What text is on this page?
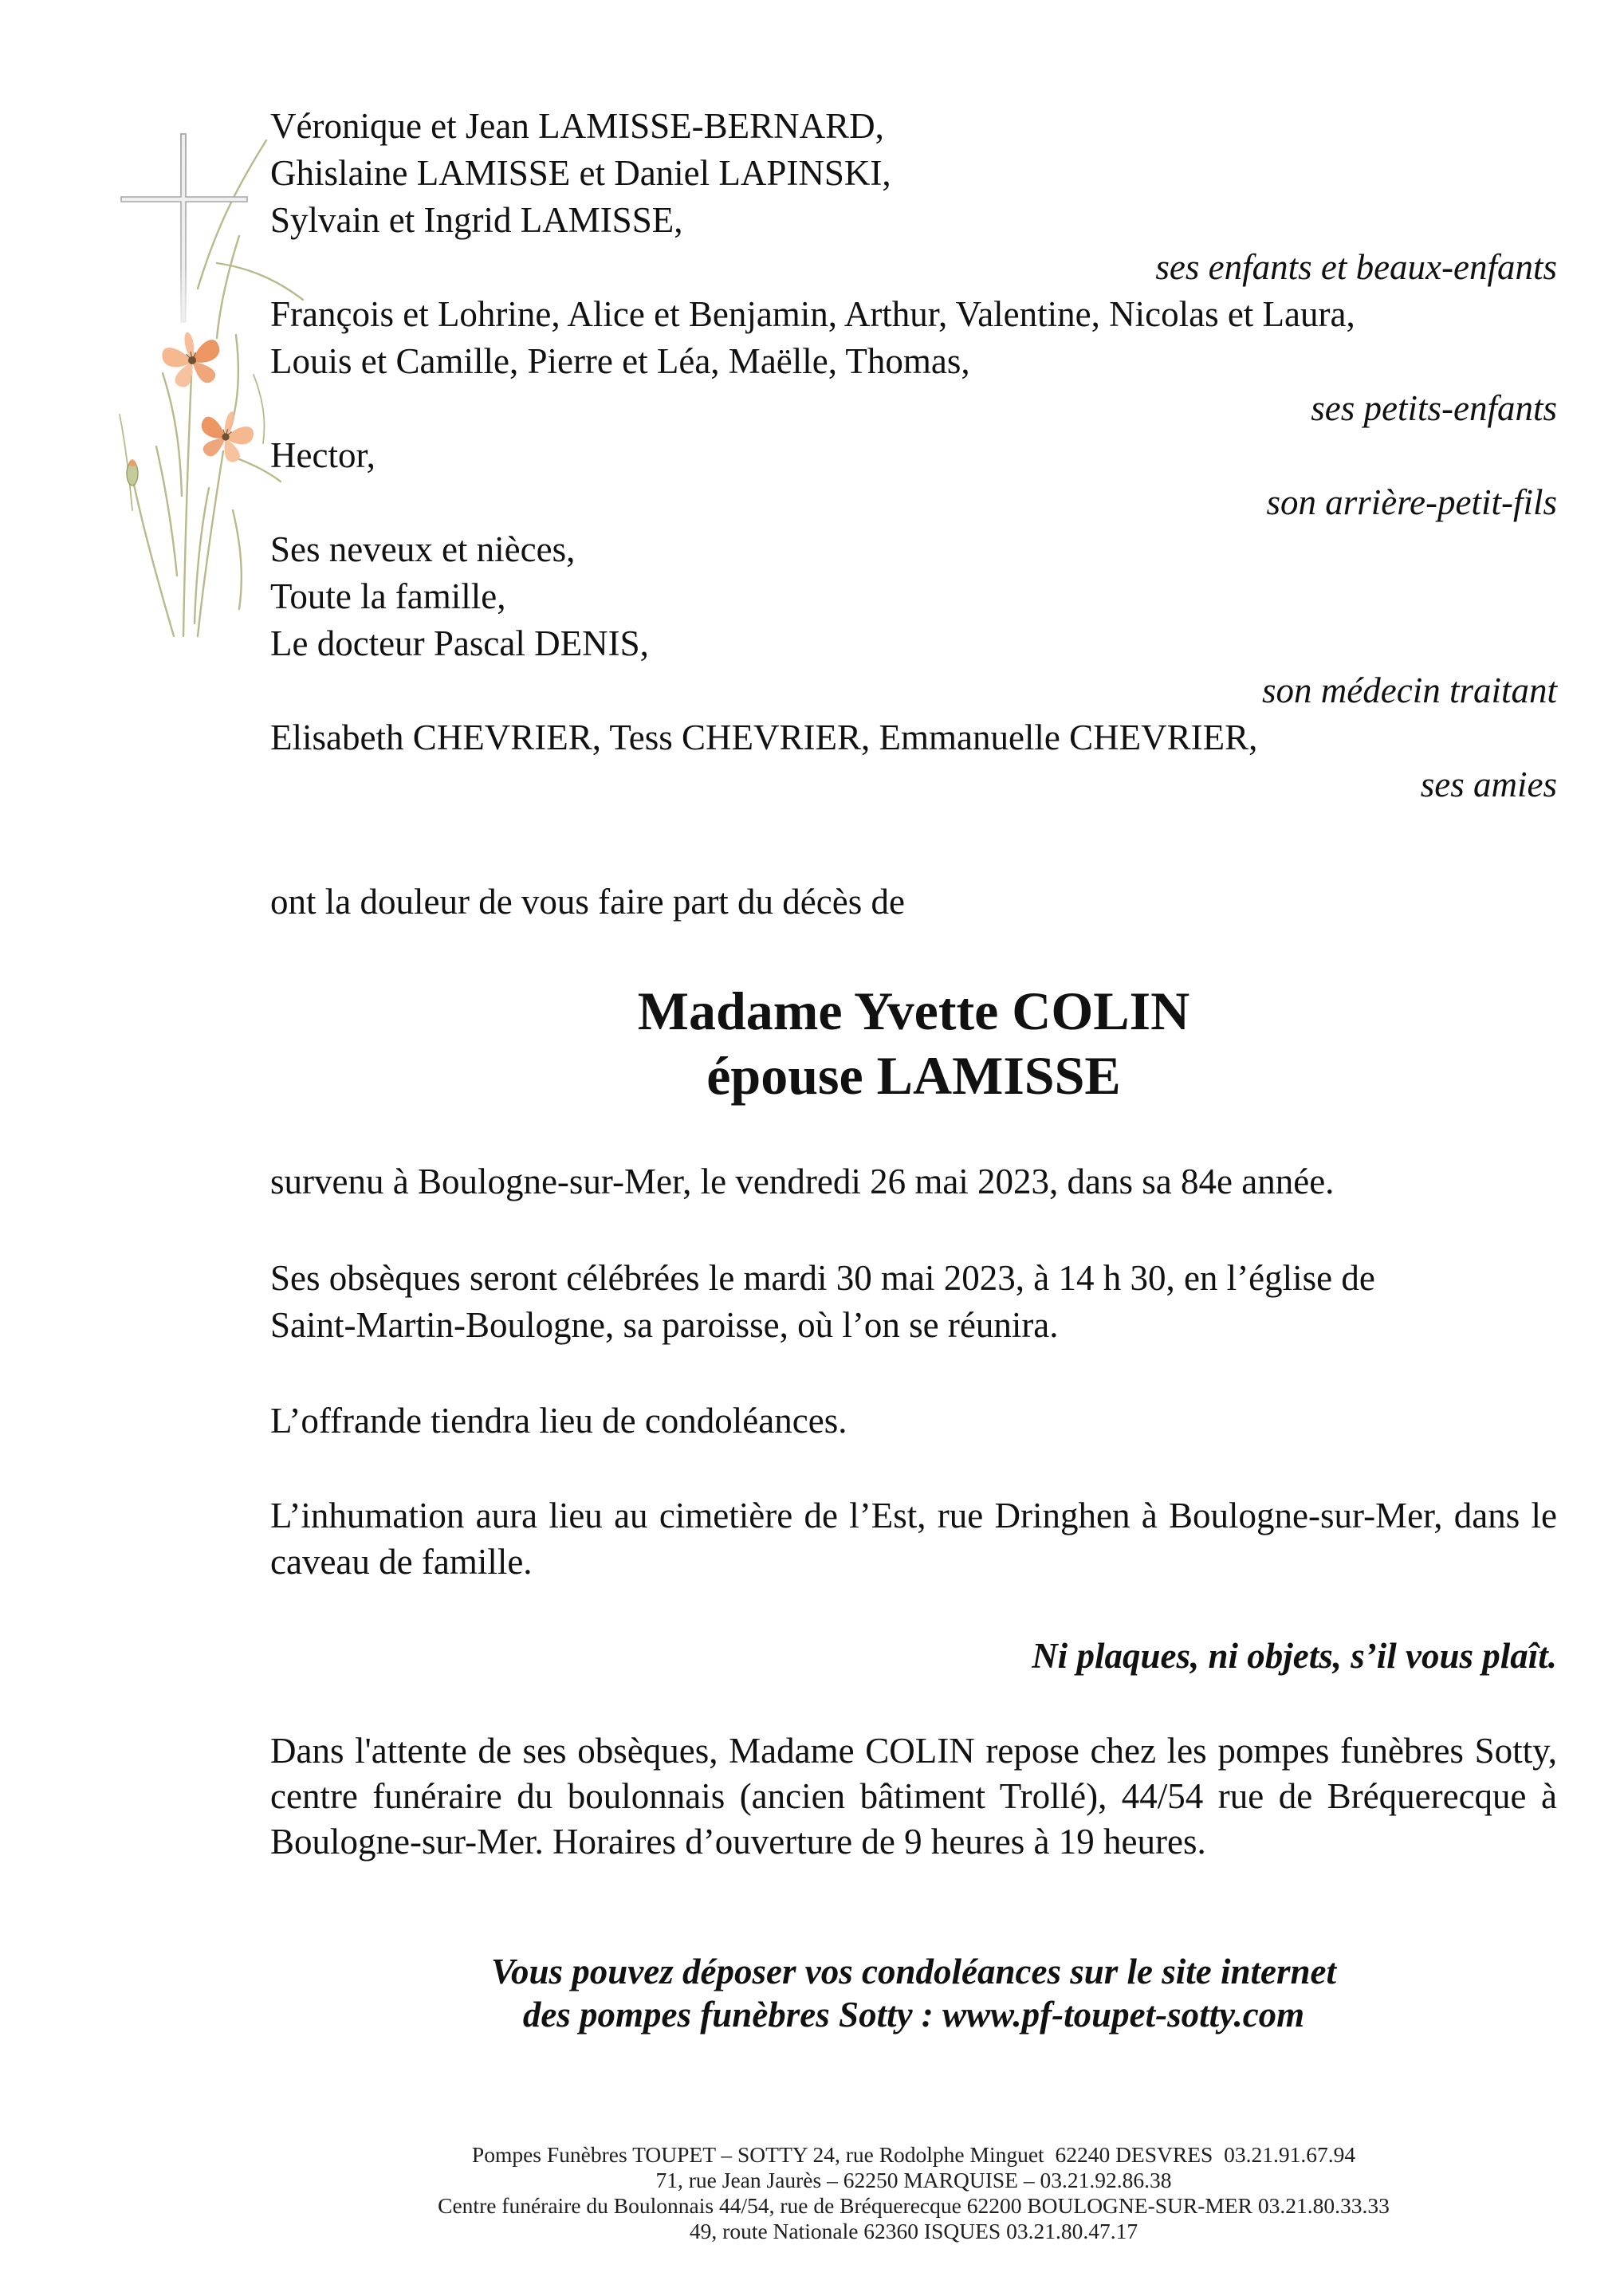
Véronique et Jean LAMISSE-BERNARD,
Ghislaine LAMISSE et Daniel LAPINSKI,
Sylvain et Ingrid LAMISSE,
ses enfants et beaux-enfants
François et Lohrine, Alice et Benjamin, Arthur, Valentine, Nicolas et Laura,
Louis et Camille, Pierre et Léa, Maëlle, Thomas,
ses petits-enfants
Hector,
son arrière-petit-fils
Ses neveux et nièces,
Toute la famille,
Le docteur Pascal DENIS,
son médecin traitant
Elisabeth CHEVRIER, Tess CHEVRIER, Emmanuelle CHEVRIER,
ses amies
ont la douleur de vous faire part du décès de
Madame Yvette COLIN
épouse LAMISSE
survenu à Boulogne-sur-Mer, le vendredi 26 mai 2023, dans sa 84e année.
Ses obsèques seront célébrées le mardi 30 mai 2023, à 14 h 30, en l’église de
Saint-Martin-Boulogne, sa paroisse, où l’on se réunira.
L’offrande tiendra lieu de condoléances.
L’inhumation aura lieu au cimetière de l’Est, rue Dringhen à Boulogne-sur-Mer, dans le
caveau de famille.
Ni plaques, ni objets, s’il vous plaît.
Dans l'attente de ses obsèques, Madame COLIN repose chez les pompes funèbres Sotty,
centre funéraire du boulonnais (ancien bâtiment Trollé), 44/54 rue de Bréquerecque à
Boulogne-sur-Mer. Horaires d’ouverture de 9 heures à 19 heures.
Vous pouvez déposer vos condoléances sur le site internet
des pompes funèbres Sotty : www.pf-toupet-sotty.com
Pompes Funèbres TOUPET – SOTTY 24, rue Rodolphe Minguet  62240 DESVRES  03.21.91.67.94
71, rue Jean Jaurès – 62250 MARQUISE – 03.21.92.86.38
Centre funéraire du Boulonnais 44/54, rue de Bréquerecque 62200 BOULOGNE-SUR-MER 03.21.80.33.33
49, route Nationale 62360 ISQUES 03.21.80.47.17
